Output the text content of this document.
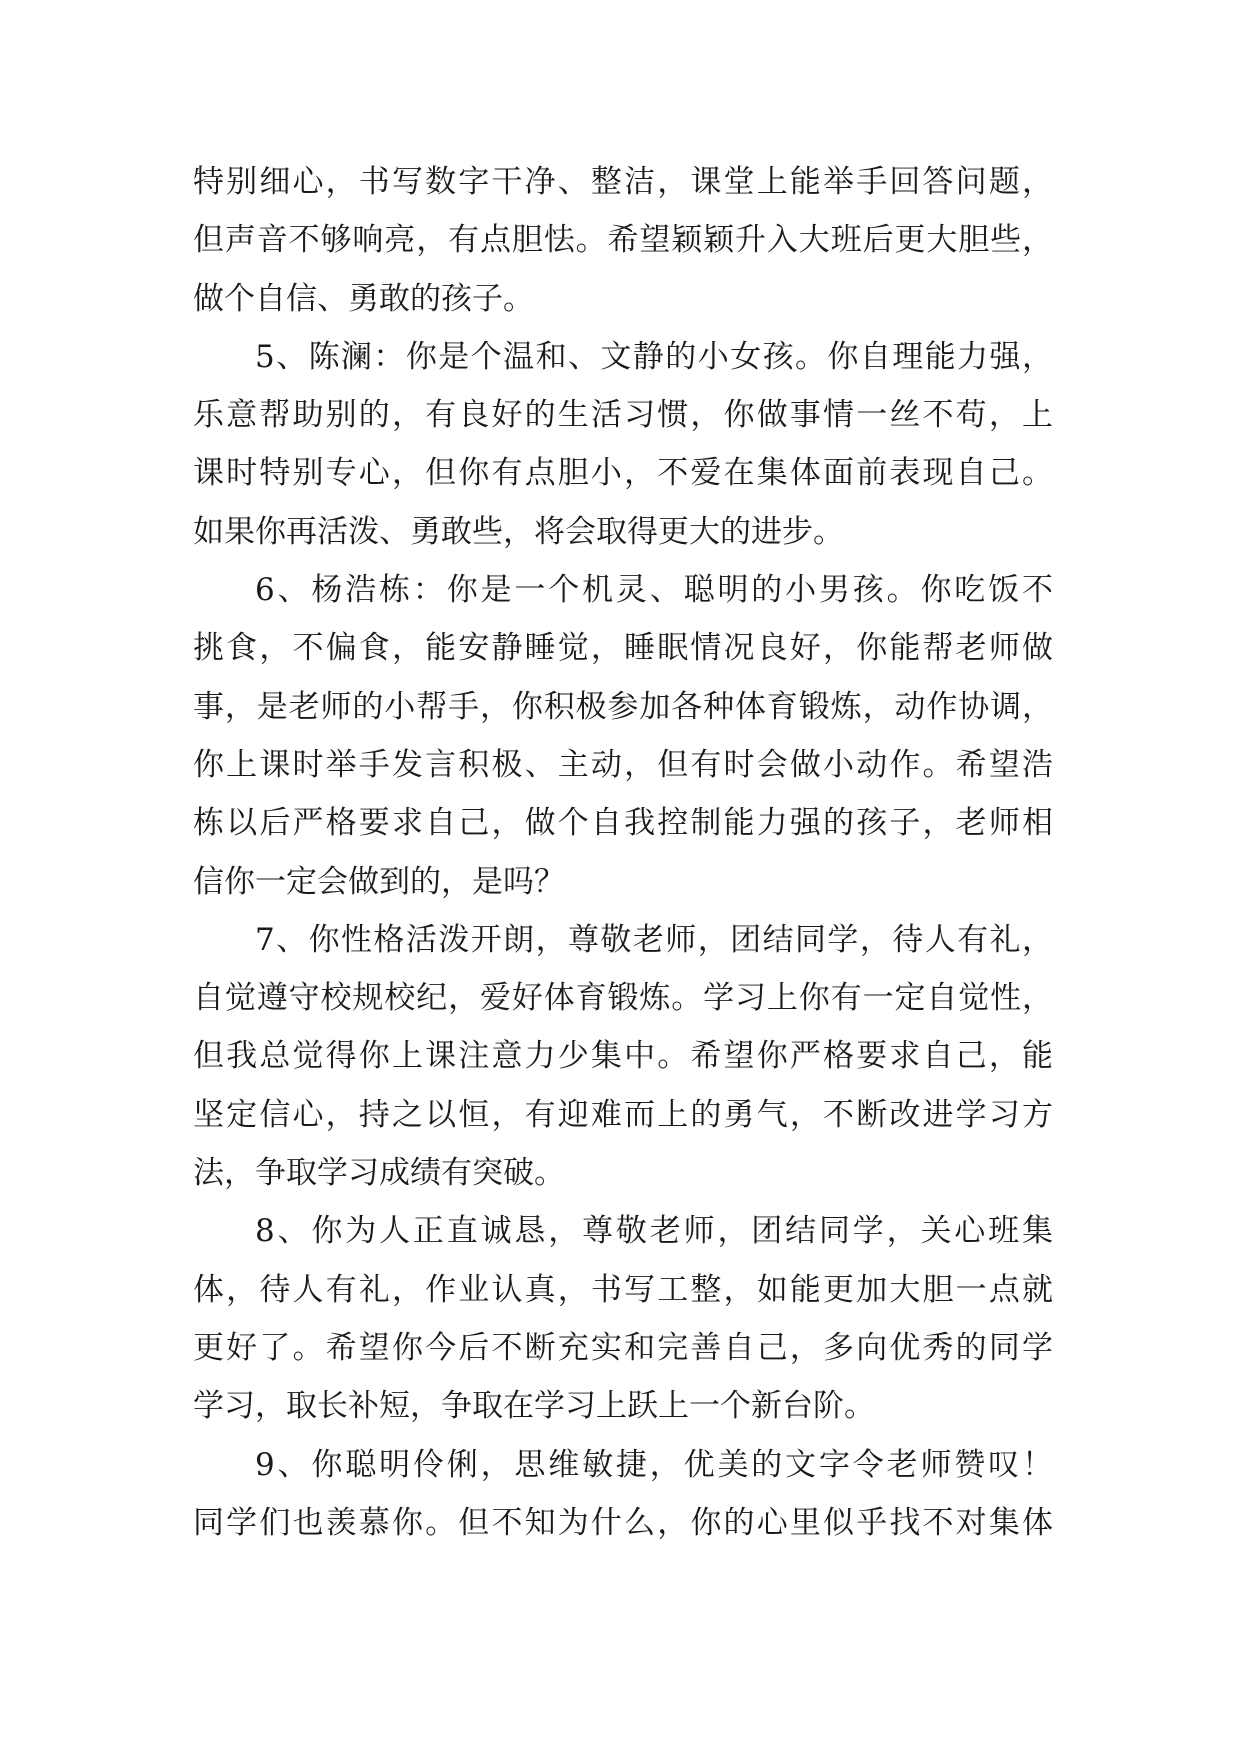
特别细心，书写数字干净、整洁，课堂上能举手回答问题，
但声音不够响亮，有点胆怯。希望颖颖升入大班后更大胆些，
做个自信、勇敢的孩子。
5、陈澜：你是个温和、文静的小女孩。你自理能力强，
乐意帮助别的，有良好的生活习惯，你做事情一丝不苟，上
课时特别专心，但你有点胆小，不爱在集体面前表现自己。
如果你再活泼、勇敢些，将会取得更大的进步。
6、杨浩栋：你是一个机灵、聪明的小男孩。你吃饭不
挑食，不偏食，能安静睡觉，睡眠情况良好，你能帮老师做
事，是老师的小帮手，你积极参加各种体育锻炼，动作协调，
你上课时举手发言积极、主动，但有时会做小动作。希望浩
栋以后严格要求自己，做个自我控制能力强的孩子，老师相
信你一定会做到的，是吗？
7、你性格活泼开朗，尊敬老师，团结同学，待人有礼，
自觉遵守校规校纪，爱好体育锻炼。学习上你有一定自觉性，
但我总觉得你上课注意力少集中。希望你严格要求自己，能
坚定信心，持之以恒，有迎难而上的勇气，不断改进学习方
法，争取学习成绩有突破。
8、你为人正直诚恳，尊敬老师，团结同学，关心班集
体，待人有礼，作业认真，书写工整，如能更加大胆一点就
更好了。希望你今后不断充实和完善自己，多向优秀的同学
学习，取长补短，争取在学习上跃上一个新台阶。
9、你聪明伶俐，思维敏捷，优美的文字令老师赞叹！
同学们也羡慕你。但不知为什么，你的心里似乎找不对集体
